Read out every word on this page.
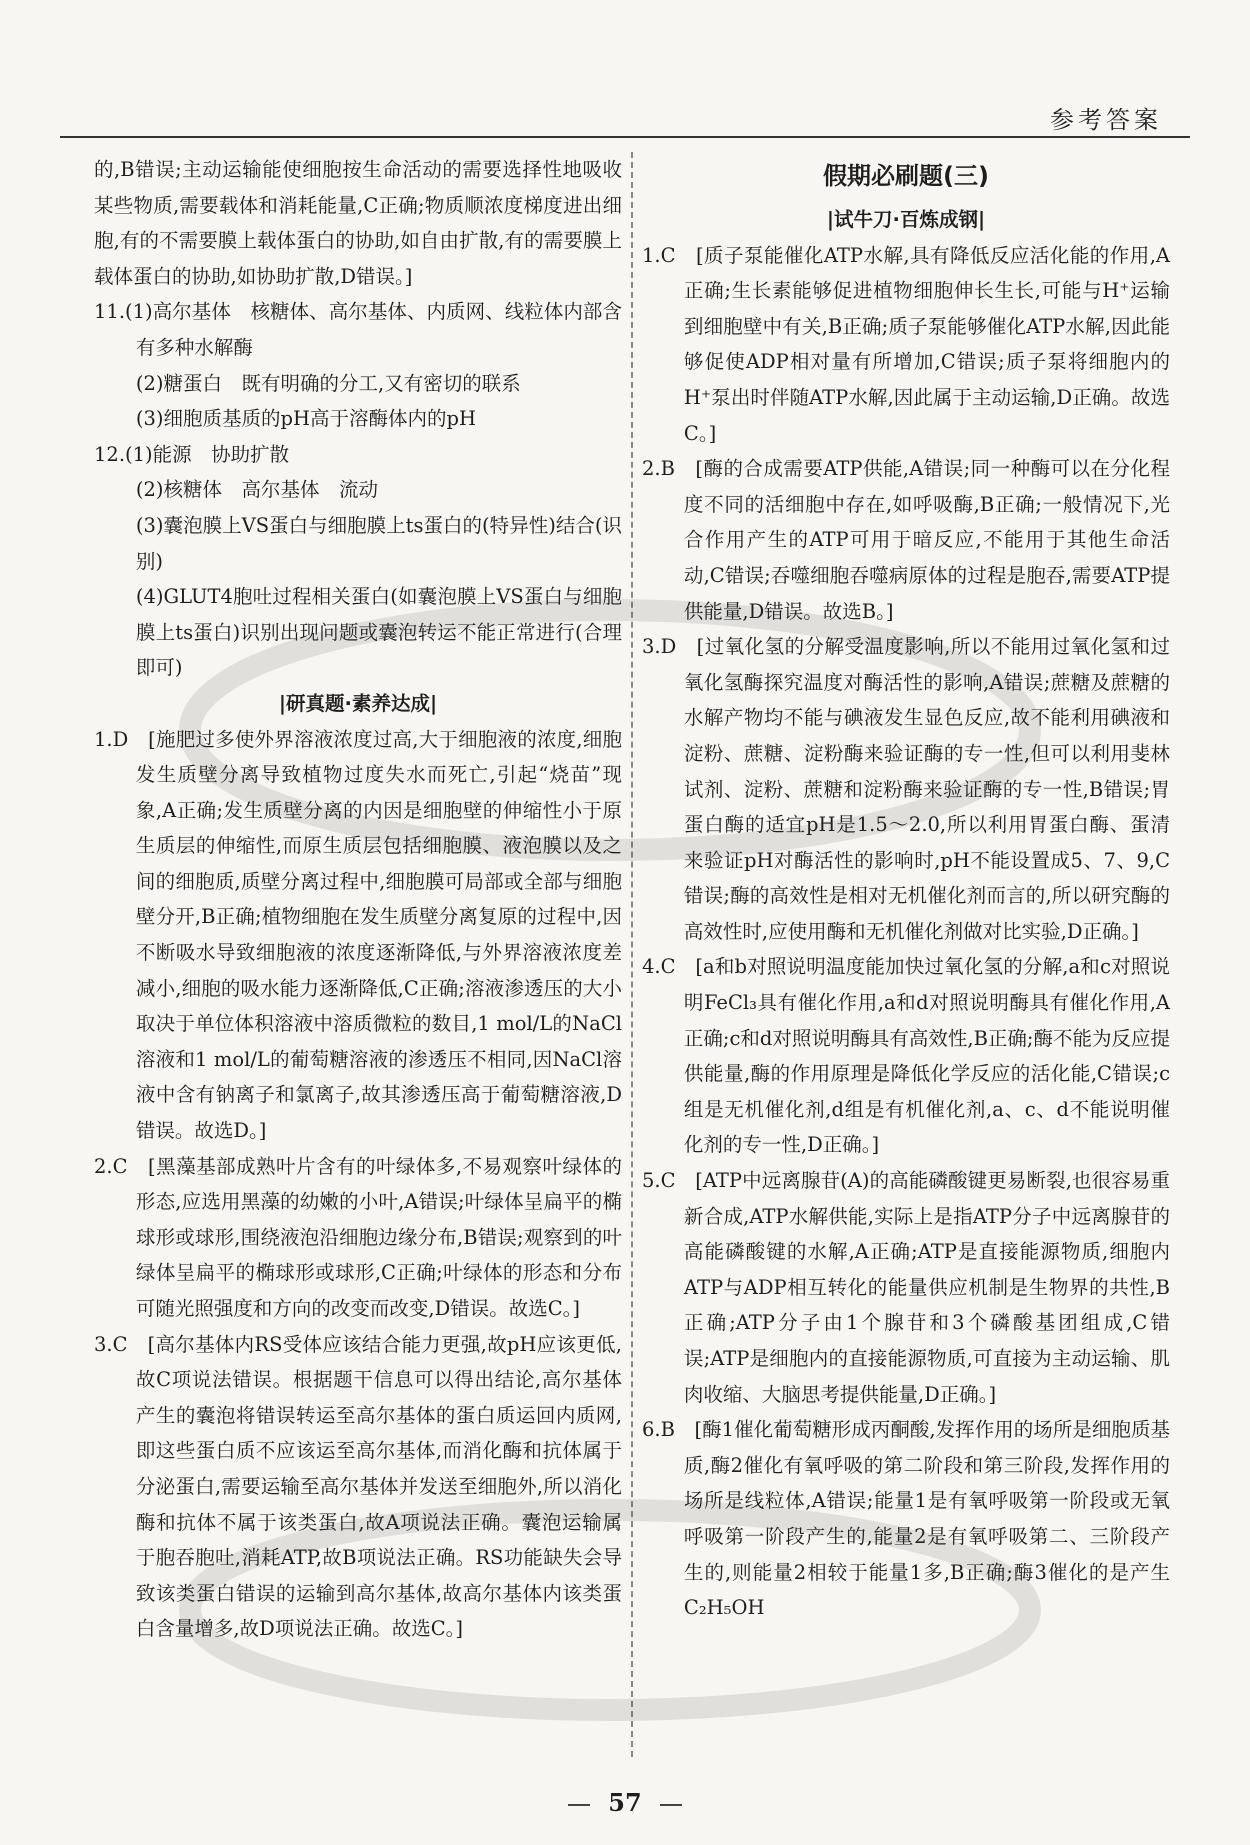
参考答案

的,B错误;主动运输能使细胞按生命活动的需要选择性地吸收某些物质,需要载体和消耗能量,C正确;物质顺浓度梯度进出细胞,有的不需要膜上载体蛋白的协助,如自由扩散,有的需要膜上载体蛋白的协助,如协助扩散,D错误。]

11.(1)高尔基体　核糖体、高尔基体、内质网、线粒体内部含有多种水解酶

(2)糖蛋白　既有明确的分工,又有密切的联系

(3)细胞质基质的pH高于溶酶体内的pH

12.(1)能源　协助扩散

(2)核糖体　高尔基体　流动

(3)囊泡膜上VS蛋白与细胞膜上ts蛋白的(特异性)结合(识别)

(4)GLUT4胞吐过程相关蛋白(如囊泡膜上VS蛋白与细胞膜上ts蛋白)识别出现问题或囊泡转运不能正常进行(合理即可)

|研真题·素养达成|

1.D　[施肥过多使外界溶液浓度过高,大于细胞液的浓度,细胞发生质壁分离导致植物过度失水而死亡,引起“烧苗”现象,A正确;发生质壁分离的内因是细胞壁的伸缩性小于原生质层的伸缩性,而原生质层包括细胞膜、液泡膜以及之间的细胞质,质壁分离过程中,细胞膜可局部或全部与细胞壁分开,B正确;植物细胞在发生质壁分离复原的过程中,因不断吸水导致细胞液的浓度逐渐降低,与外界溶液浓度差减小,细胞的吸水能力逐渐降低,C正确;溶液渗透压的大小取决于单位体积溶液中溶质微粒的数目,1 mol/L的NaCl溶液和1 mol/L的葡萄糖溶液的渗透压不相同,因NaCl溶液中含有钠离子和氯离子,故其渗透压高于葡萄糖溶液,D错误。故选D。]

2.C　[黑藻基部成熟叶片含有的叶绿体多,不易观察叶绿体的形态,应选用黑藻的幼嫩的小叶,A错误;叶绿体呈扁平的椭球形或球形,围绕液泡沿细胞边缘分布,B错误;观察到的叶绿体呈扁平的椭球形或球形,C正确;叶绿体的形态和分布可随光照强度和方向的改变而改变,D错误。故选C。]

3.C　[高尔基体内RS受体应该结合能力更强,故pH应该更低,故C项说法错误。根据题干信息可以得出结论,高尔基体产生的囊泡将错误转运至高尔基体的蛋白质运回内质网,即这些蛋白质不应该运至高尔基体,而消化酶和抗体属于分泌蛋白,需要运输至高尔基体并发送至细胞外,所以消化酶和抗体不属于该类蛋白,故A项说法正确。囊泡运输属于胞吞胞吐,消耗ATP,故B项说法正确。RS功能缺失会导致该类蛋白错误的运输到高尔基体,故高尔基体内该类蛋白含量增多,故D项说法正确。故选C。]

假期必刷题(三)
|试牛刀·百炼成钢|

1.C　[质子泵能催化ATP水解,具有降低反应活化能的作用,A正确;生长素能够促进植物细胞伸长生长,可能与H⁺运输到细胞壁中有关,B正确;质子泵能够催化ATP水解,因此能够促使ADP相对量有所增加,C错误;质子泵将细胞内的H⁺泵出时伴随ATP水解,因此属于主动运输,D正确。故选C。]

2.B　[酶的合成需要ATP供能,A错误;同一种酶可以在分化程度不同的活细胞中存在,如呼吸酶,B正确;一般情况下,光合作用产生的ATP可用于暗反应,不能用于其他生命活动,C错误;吞噬细胞吞噬病原体的过程是胞吞,需要ATP提供能量,D错误。故选B。]

3.D　[过氧化氢的分解受温度影响,所以不能用过氧化氢和过氧化氢酶探究温度对酶活性的影响,A错误;蔗糖及蔗糖的水解产物均不能与碘液发生显色反应,故不能利用碘液和淀粉、蔗糖、淀粉酶来验证酶的专一性,但可以利用斐林试剂、淀粉、蔗糖和淀粉酶来验证酶的专一性,B错误;胃蛋白酶的适宜pH是1.5～2.0,所以利用胃蛋白酶、蛋清来验证pH对酶活性的影响时,pH不能设置成5、7、9,C错误;酶的高效性是相对无机催化剂而言的,所以研究酶的高效性时,应使用酶和无机催化剂做对比实验,D正确。]

4.C　[a和b对照说明温度能加快过氧化氢的分解,a和c对照说明FeCl₃具有催化作用,a和d对照说明酶具有催化作用,A正确;c和d对照说明酶具有高效性,B正确;酶不能为反应提供能量,酶的作用原理是降低化学反应的活化能,C错误;c组是无机催化剂,d组是有机催化剂,a、c、d不能说明催化剂的专一性,D正确。]

5.C　[ATP中远离腺苷(A)的高能磷酸键更易断裂,也很容易重新合成,ATP水解供能,实际上是指ATP分子中远离腺苷的高能磷酸键的水解,A正确;ATP是直接能源物质,细胞内ATP与ADP相互转化的能量供应机制是生物界的共性,B正确;ATP分子由1个腺苷和3个磷酸基团组成,C错误;ATP是细胞内的直接能源物质,可直接为主动运输、肌肉收缩、大脑思考提供能量,D正确。]

6.B　[酶1催化葡萄糖形成丙酮酸,发挥作用的场所是细胞质基质,酶2催化有氧呼吸的第二阶段和第三阶段,发挥作用的场所是线粒体,A错误;能量1是有氧呼吸第一阶段或无氧呼吸第一阶段产生的,能量2是有氧呼吸第二、三阶段产生的,则能量2相较于能量1多,B正确;酶3催化的是产生C₂H₅OH

57
